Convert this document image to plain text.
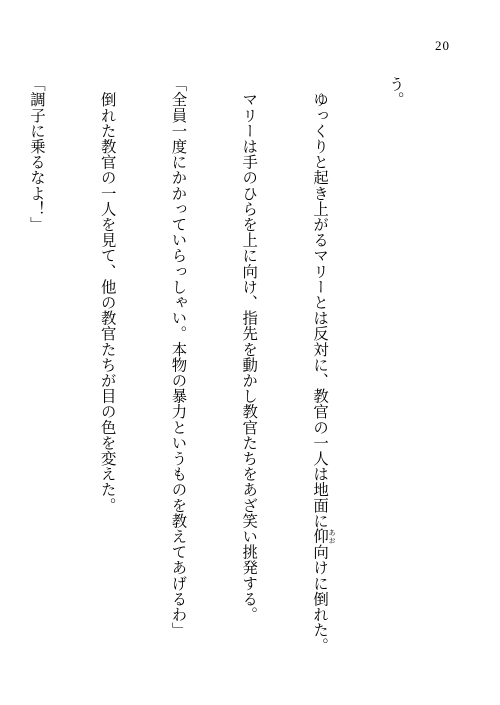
20

う。

　ゆっくりと起き上がるマリーとは反対に、教官の一人は地面に仰 あお向けに倒れた。

　マリーは手のひらを上に向け、指先を動かし教官たちをあざ笑い挑発する。

「全員一度にかかっていらっしゃい。本物の暴力というものを教えてあげるわ」

　倒れた教官の一人を見て、他の教官たちが目の色を変えた。

「調子に乗るなよ！」
